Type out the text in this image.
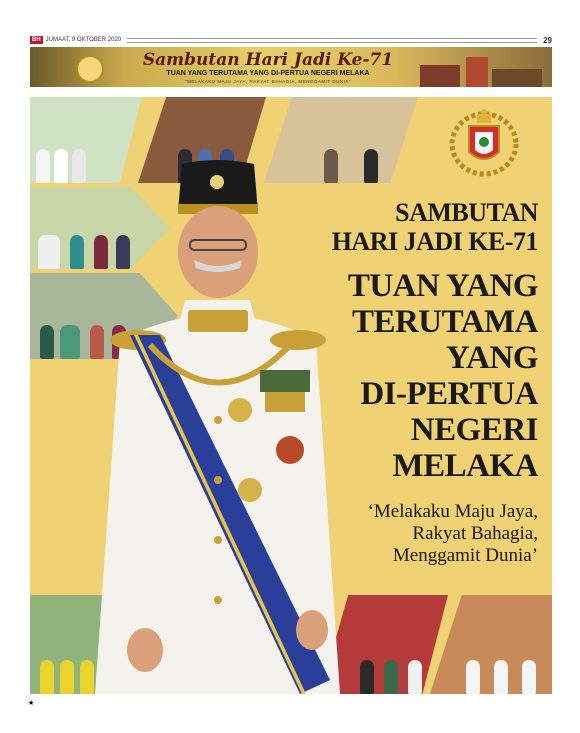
BH JUMAAT, 9 OKTOBER 2020	29
Sambutan Hari Jadi Ke-71
TUAN YANG TERUTAMA YANG DI-PERTUA NEGERI MELAKA
"MELAKAKU MAJU JAYA, RAKYAT BAHAGIA, MENGGAMIT DUNIA"
SAMBUTAN
HARI JADI KE-71
TUAN YANG
TERUTAMA
YANG
DI-PERTUA
NEGERI
MELAKA
‘Melakaku Maju Jaya,
Rakyat Bahagia,
Menggamit Dunia’
★
